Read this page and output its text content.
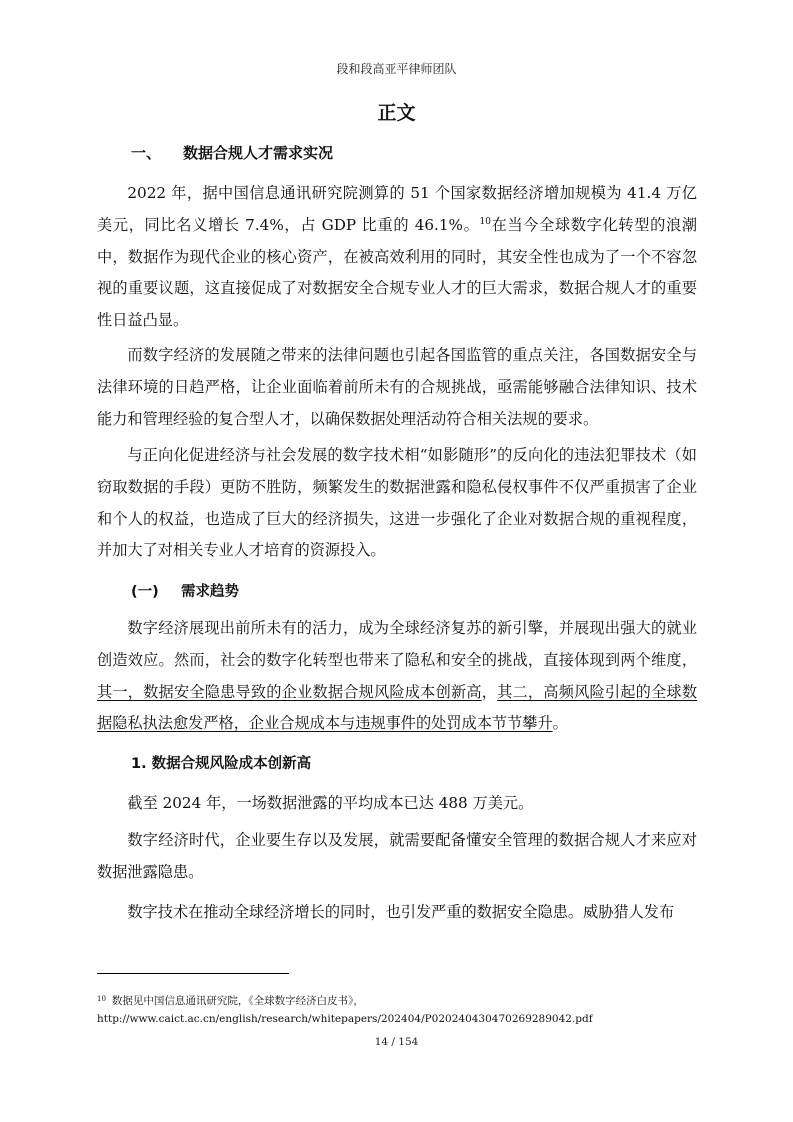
段和段高亚平律师团队
正文
一、 数据合规人才需求实况

2022 年，据中国信息通讯研究院测算的 51 个国家数据经济增加规模为 41.4 万亿美元，同比名义增长 7.4%，占 GDP 比重的 46.1%。$^{10}$在当今全球数字化转型的浪潮中，数据作为现代企业的核心资产，在被高效利用的同时，其安全性也成为了一个不容忽视的重要议题，这直接促成了对数据安全合规专业人才的巨大需求，数据合规人才的重要性日益凸显。

而数字经济的发展随之带来的法律问题也引起各国监管的重点关注，各国数据安全与法律环境的日趋严格，让企业面临着前所未有的合规挑战，亟需能够融合法律知识、技术能力和管理经验的复合型人才，以确保数据处理活动符合相关法规的要求。

与正向化促进经济与社会发展的数字技术相“如影随形”的反向化的违法犯罪技术（如窃取数据的手段）更防不胜防，频繁发生的数据泄露和隐私侵权事件不仅严重损害了企业和个人的权益，也造成了巨大的经济损失，这进一步强化了企业对数据合规的重视程度，并加大了对相关专业人才培育的资源投入。

(一) 需求趋势

数字经济展现出前所未有的活力，成为全球经济复苏的新引擎，并展现出强大的就业创造效应。然而，社会的数字化转型也带来了隐私和安全的挑战，直接体现到两个维度，其一，数据安全隐患导致的企业数据合规风险成本创新高，其二，高频风险引起的全球数据隐私执法愈发严格，企业合规成本与违规事件的处罚成本节节攀升。

1. 数据合规风险成本创新高

截至 2024 年，一场数据泄露的平均成本已达 488 万美元。

数字经济时代，企业要生存以及发展，就需要配备懂安全管理的数据合规人才来应对数据泄露隐患。

数字技术在推动全球经济增长的同时，也引发严重的数据安全隐患。威胁猎人发布

$^{10}$ 数据见中国信息通讯研究院，《全球数字经济白皮书》，
http://www.caict.ac.cn/english/research/whitepapers/202404/P020240430470269289042.pdf
14 / 154
